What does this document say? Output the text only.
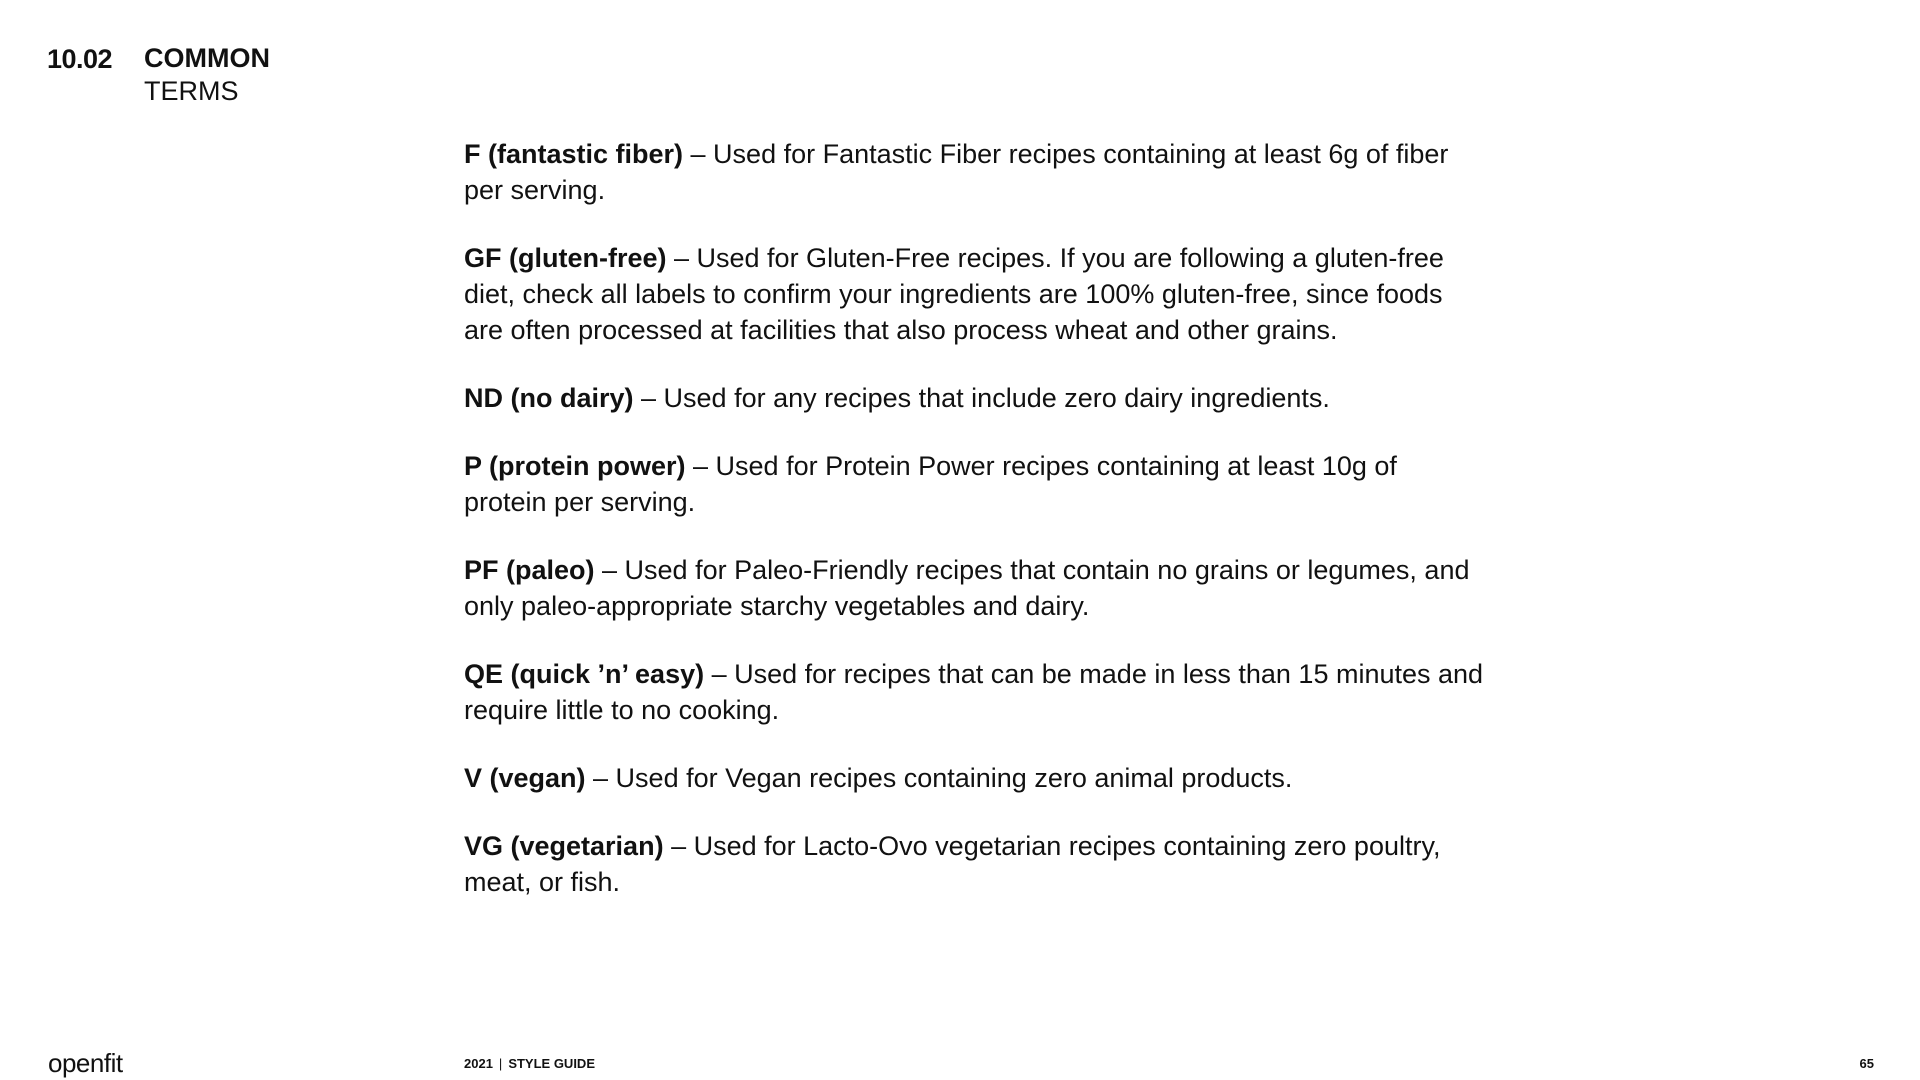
10.02 COMMON
TERMS

F (fantastic fiber) – Used for Fantastic Fiber recipes containing at least 6g of fiber per serving.

GF (gluten-free) – Used for Gluten-Free recipes. If you are following a gluten-free diet, check all labels to confirm your ingredients are 100% gluten-free, since foods are often processed at facilities that also process wheat and other grains.

ND (no dairy) – Used for any recipes that include zero dairy ingredients.

P (protein power) – Used for Protein Power recipes containing at least 10g of protein per serving.

PF (paleo) – Used for Paleo-Friendly recipes that contain no grains or legumes, and only paleo-appropriate starchy vegetables and dairy.

QE (quick ’n’ easy) – Used for recipes that can be made in less than 15 minutes and require little to no cooking.

V (vegan) – Used for Vegan recipes containing zero animal products.

VG (vegetarian) – Used for Lacto-Ovo vegetarian recipes containing zero poultry, meat, or fish.

openfit	2021 | STYLE GUIDE	65
